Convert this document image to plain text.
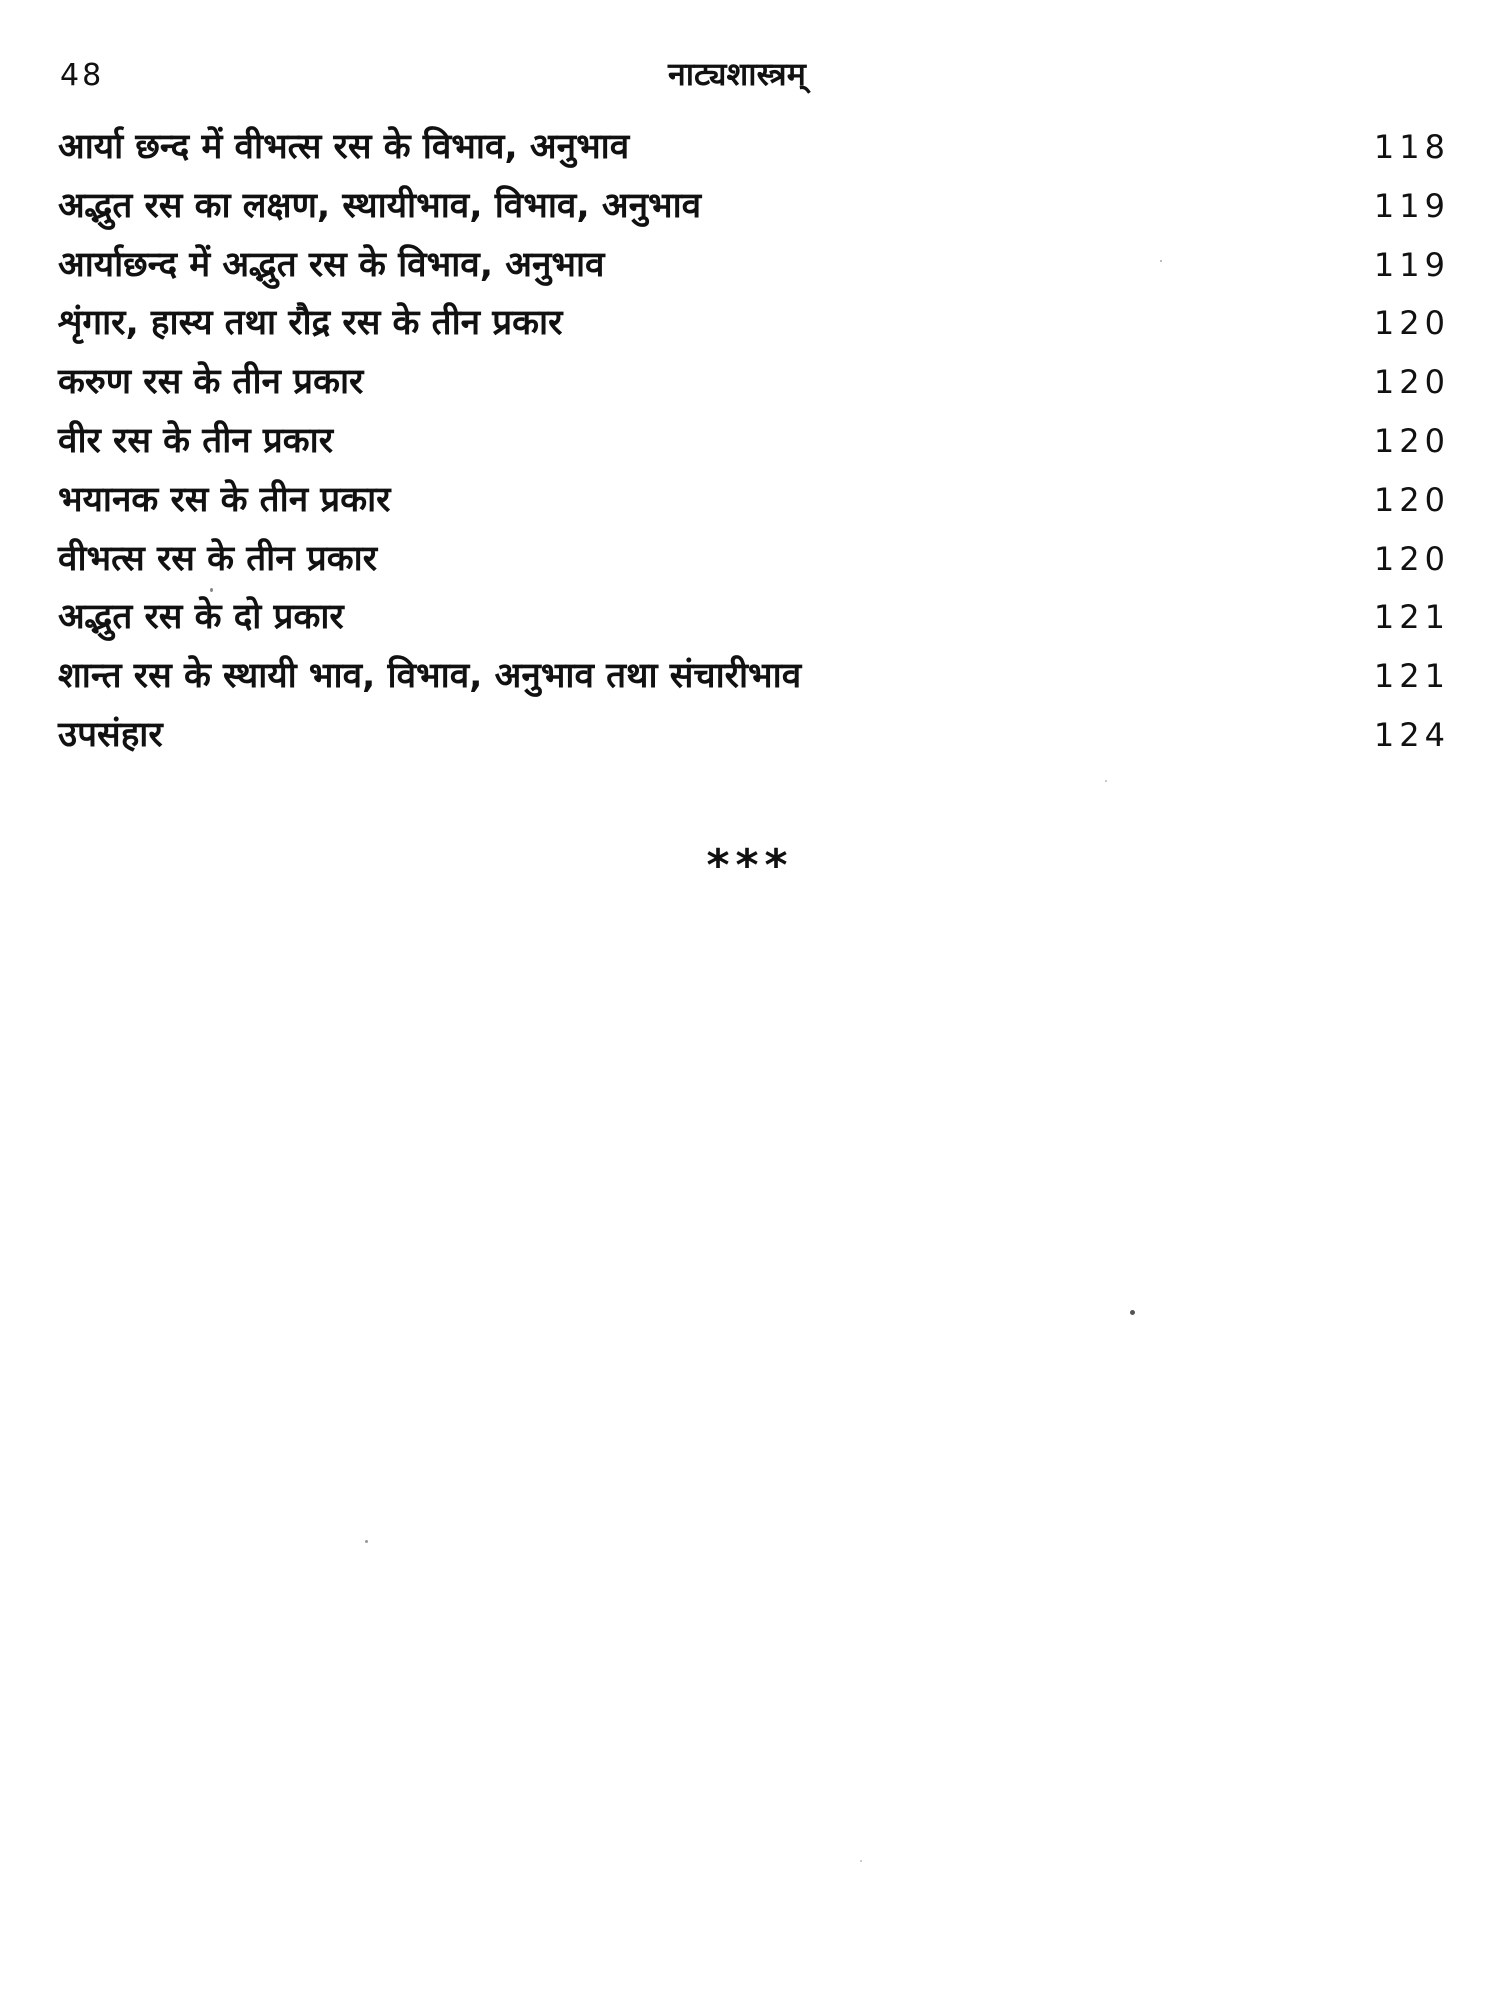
48	नाट्यशास्त्रम्
आर्या छन्द में वीभत्स रस के विभाव, अनुभाव	118
अद्भुत रस का लक्षण, स्थायीभाव, विभाव, अनुभाव	119
आर्याछन्द में अद्भुत रस के विभाव, अनुभाव	119
शृंगार, हास्य तथा रौद्र रस के तीन प्रकार	120
करुण रस के तीन प्रकार	120
वीर रस के तीन प्रकार	120
भयानक रस के तीन प्रकार	120
वीभत्स रस के तीन प्रकार	120
अद्भुत रस के दो प्रकार	121
शान्त रस के स्थायी भाव, विभाव, अनुभाव तथा संचारीभाव	121
उपसंहार	124
***
